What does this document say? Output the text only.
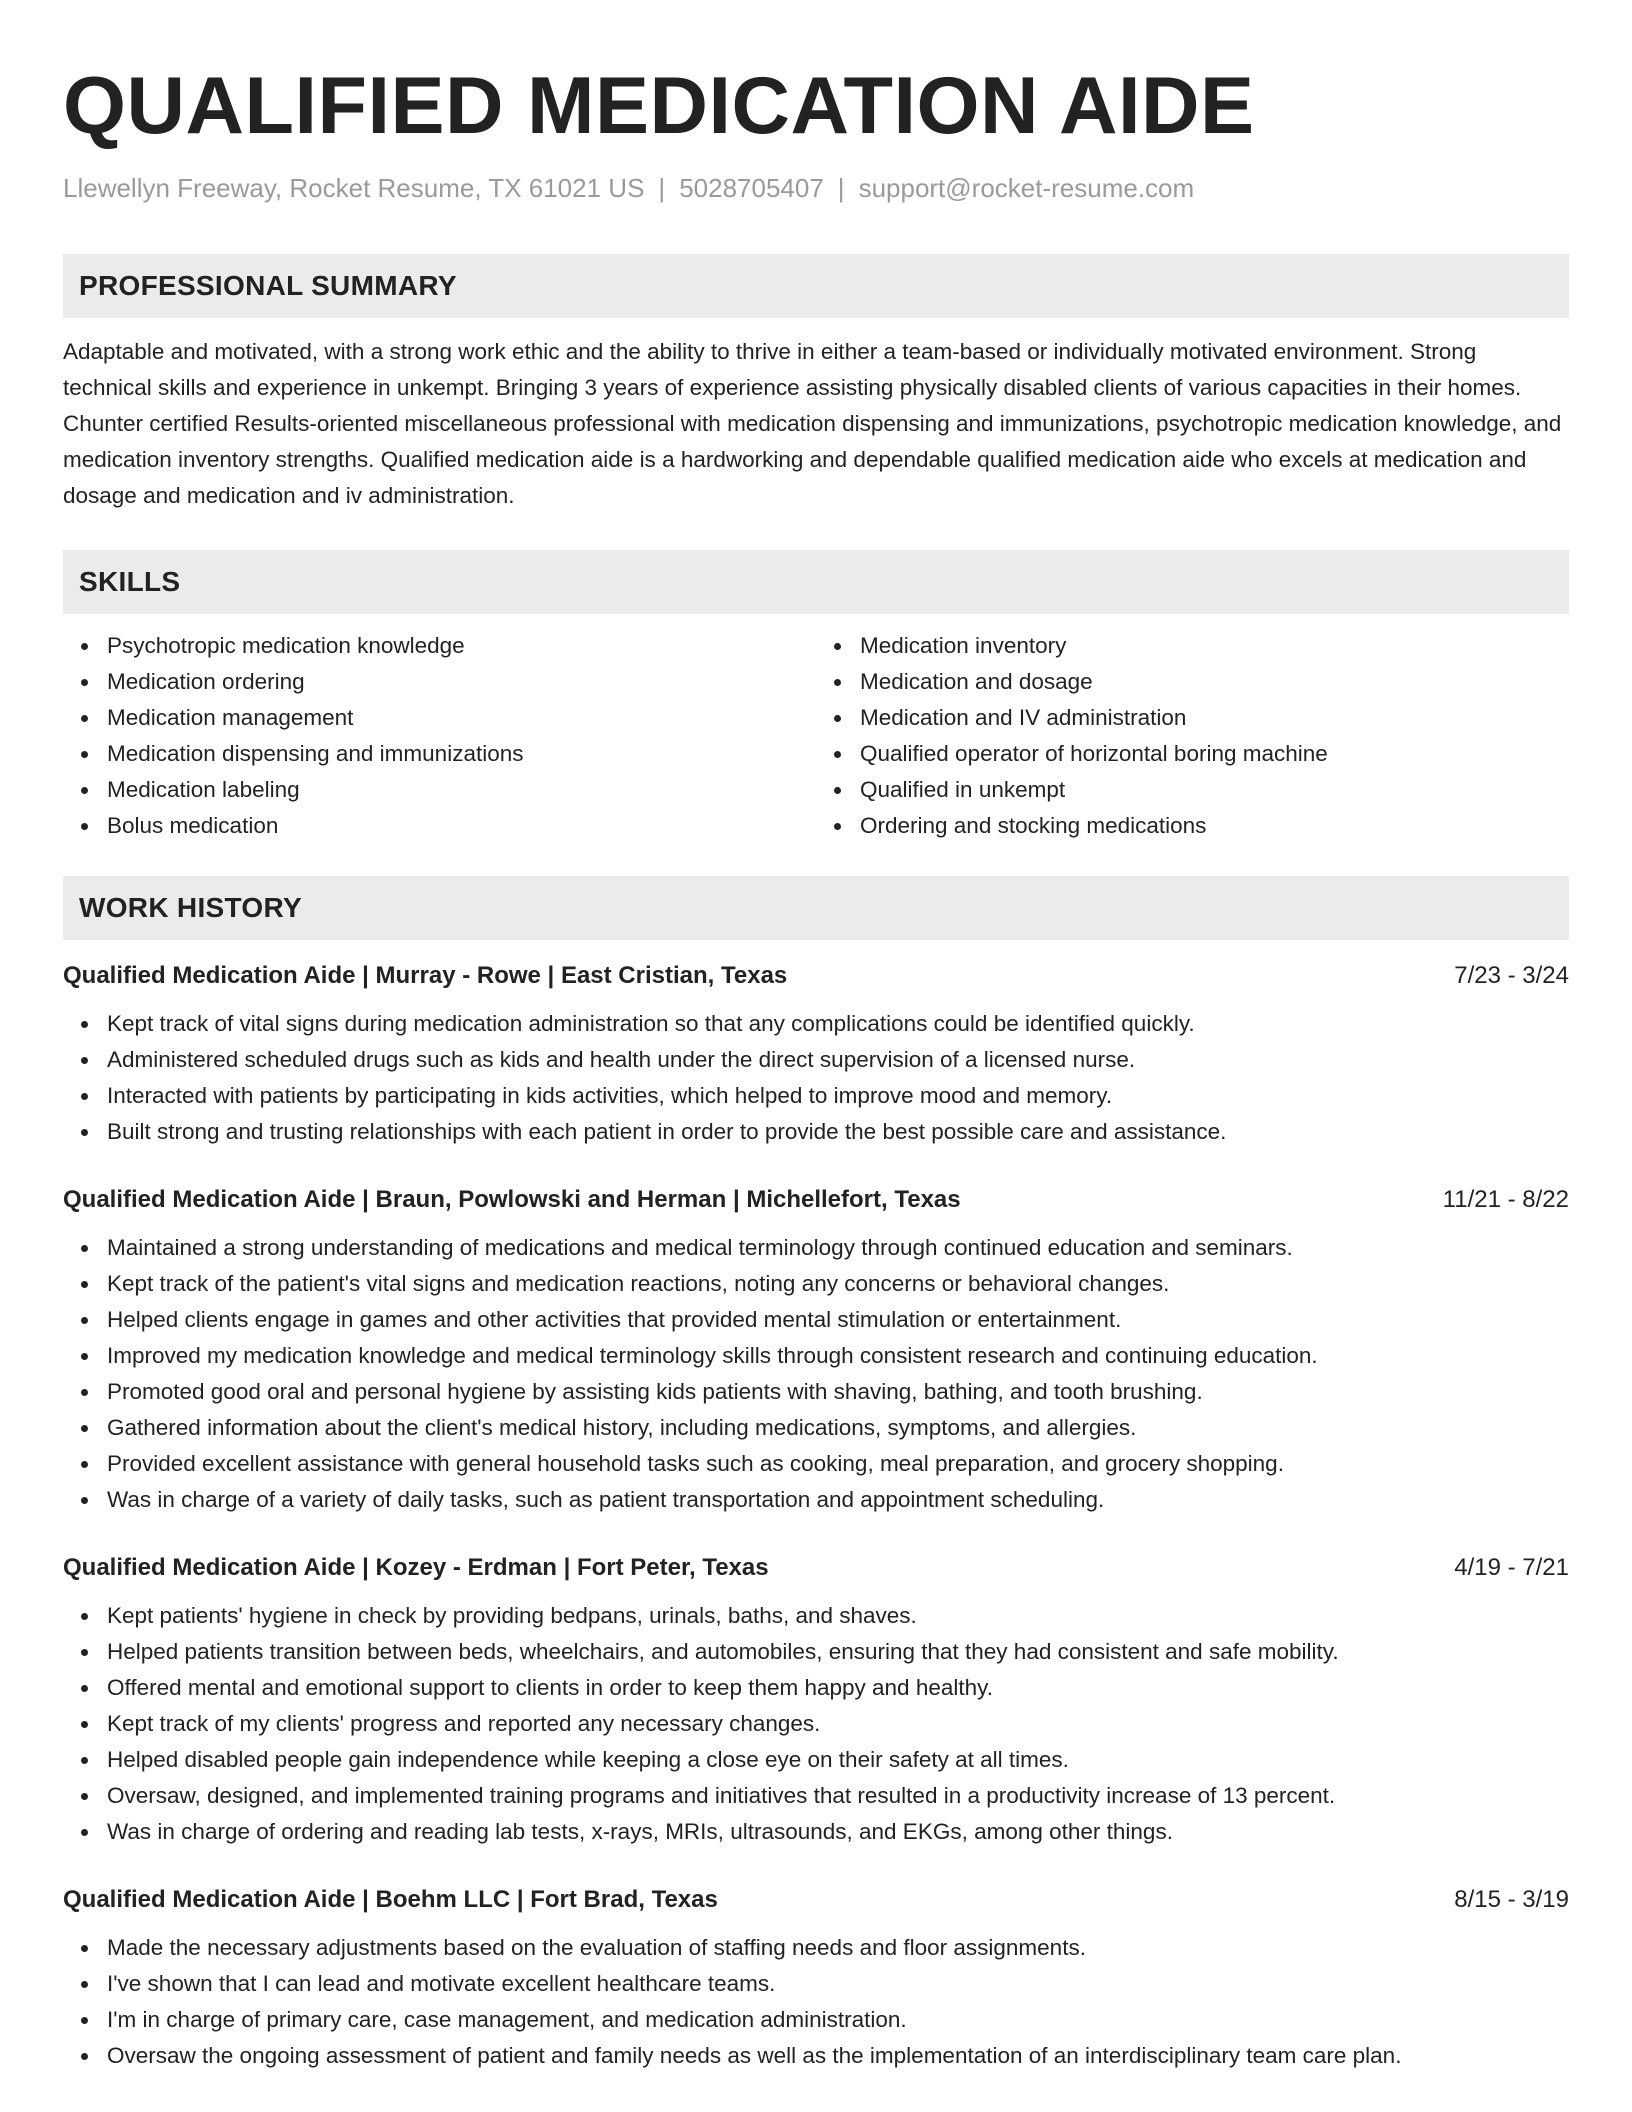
QUALIFIED MEDICATION AIDE
Llewellyn Freeway, Rocket Resume, TX 61021 US | 5028705407 | support@rocket-resume.com
PROFESSIONAL SUMMARY
Adaptable and motivated, with a strong work ethic and the ability to thrive in either a team-based or individually motivated environment. Strong technical skills and experience in unkempt. Bringing 3 years of experience assisting physically disabled clients of various capacities in their homes. Chunter certified Results-oriented miscellaneous professional with medication dispensing and immunizations, psychotropic medication knowledge, and medication inventory strengths. Qualified medication aide is a hardworking and dependable qualified medication aide who excels at medication and dosage and medication and iv administration.
SKILLS
Psychotropic medication knowledge
Medication ordering
Medication management
Medication dispensing and immunizations
Medication labeling
Bolus medication
Medication inventory
Medication and dosage
Medication and IV administration
Qualified operator of horizontal boring machine
Qualified in unkempt
Ordering and stocking medications
WORK HISTORY
Qualified Medication Aide | Murray - Rowe | East Cristian, Texas	7/23 - 3/24
Kept track of vital signs during medication administration so that any complications could be identified quickly.
Administered scheduled drugs such as kids and health under the direct supervision of a licensed nurse.
Interacted with patients by participating in kids activities, which helped to improve mood and memory.
Built strong and trusting relationships with each patient in order to provide the best possible care and assistance.
Qualified Medication Aide | Braun, Powlowski and Herman | Michellefort, Texas	11/21 - 8/22
Maintained a strong understanding of medications and medical terminology through continued education and seminars.
Kept track of the patient's vital signs and medication reactions, noting any concerns or behavioral changes.
Helped clients engage in games and other activities that provided mental stimulation or entertainment.
Improved my medication knowledge and medical terminology skills through consistent research and continuing education.
Promoted good oral and personal hygiene by assisting kids patients with shaving, bathing, and tooth brushing.
Gathered information about the client's medical history, including medications, symptoms, and allergies.
Provided excellent assistance with general household tasks such as cooking, meal preparation, and grocery shopping.
Was in charge of a variety of daily tasks, such as patient transportation and appointment scheduling.
Qualified Medication Aide | Kozey - Erdman | Fort Peter, Texas	4/19 - 7/21
Kept patients' hygiene in check by providing bedpans, urinals, baths, and shaves.
Helped patients transition between beds, wheelchairs, and automobiles, ensuring that they had consistent and safe mobility.
Offered mental and emotional support to clients in order to keep them happy and healthy.
Kept track of my clients' progress and reported any necessary changes.
Helped disabled people gain independence while keeping a close eye on their safety at all times.
Oversaw, designed, and implemented training programs and initiatives that resulted in a productivity increase of 13 percent.
Was in charge of ordering and reading lab tests, x-rays, MRIs, ultrasounds, and EKGs, among other things.
Qualified Medication Aide | Boehm LLC | Fort Brad, Texas	8/15 - 3/19
Made the necessary adjustments based on the evaluation of staffing needs and floor assignments.
I've shown that I can lead and motivate excellent healthcare teams.
I'm in charge of primary care, case management, and medication administration.
Oversaw the ongoing assessment of patient and family needs as well as the implementation of an interdisciplinary team care plan.
